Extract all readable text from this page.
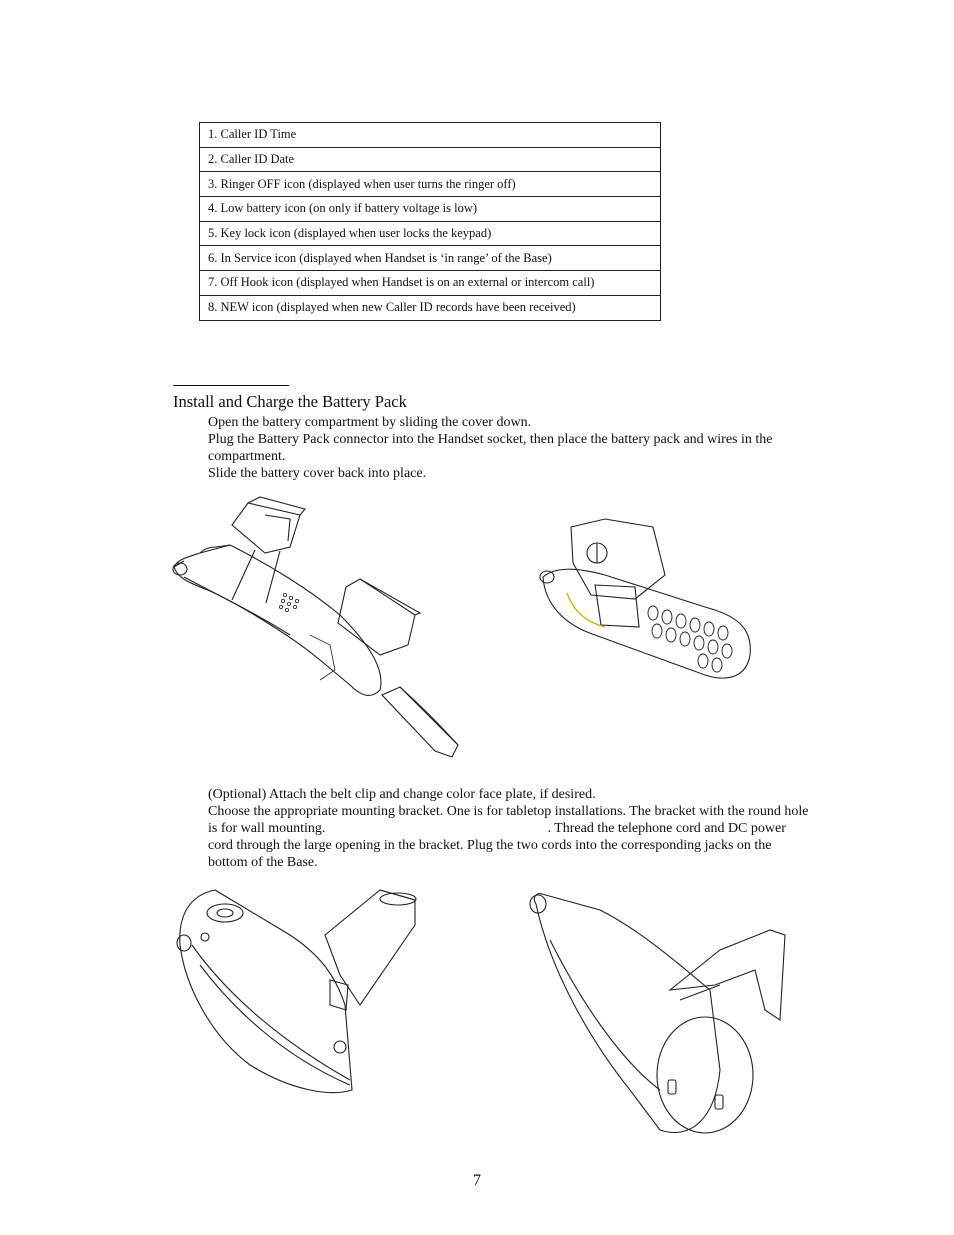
1. Caller ID Time
2. Caller ID Date
3. Ringer OFF icon (displayed when user turns the ringer off)
4. Low battery icon (on only if battery voltage is low)
5. Key lock icon (displayed when user locks the keypad)
6. In Service icon (displayed when Handset is ‘in range’ of the Base)
7. Off Hook icon (displayed when Handset is on an external or intercom call)
8. NEW icon (displayed when new Caller ID records have been received)
Install and Charge the Battery Pack

Open the battery compartment by sliding the cover down.

Plug the Battery Pack connector into the Handset socket, then place the battery pack and wires in the compartment.

Slide the battery cover back into place.

(Optional) Attach the belt clip and change color face plate, if desired.

Choose the appropriate mounting bracket. One is for tabletop installations. The bracket with the round hole is for wall mounting.	. Thread the telephone cord and DC power cord through the large opening in the bracket. Plug the two cords into the corresponding jacks on the bottom of the Base.

7
